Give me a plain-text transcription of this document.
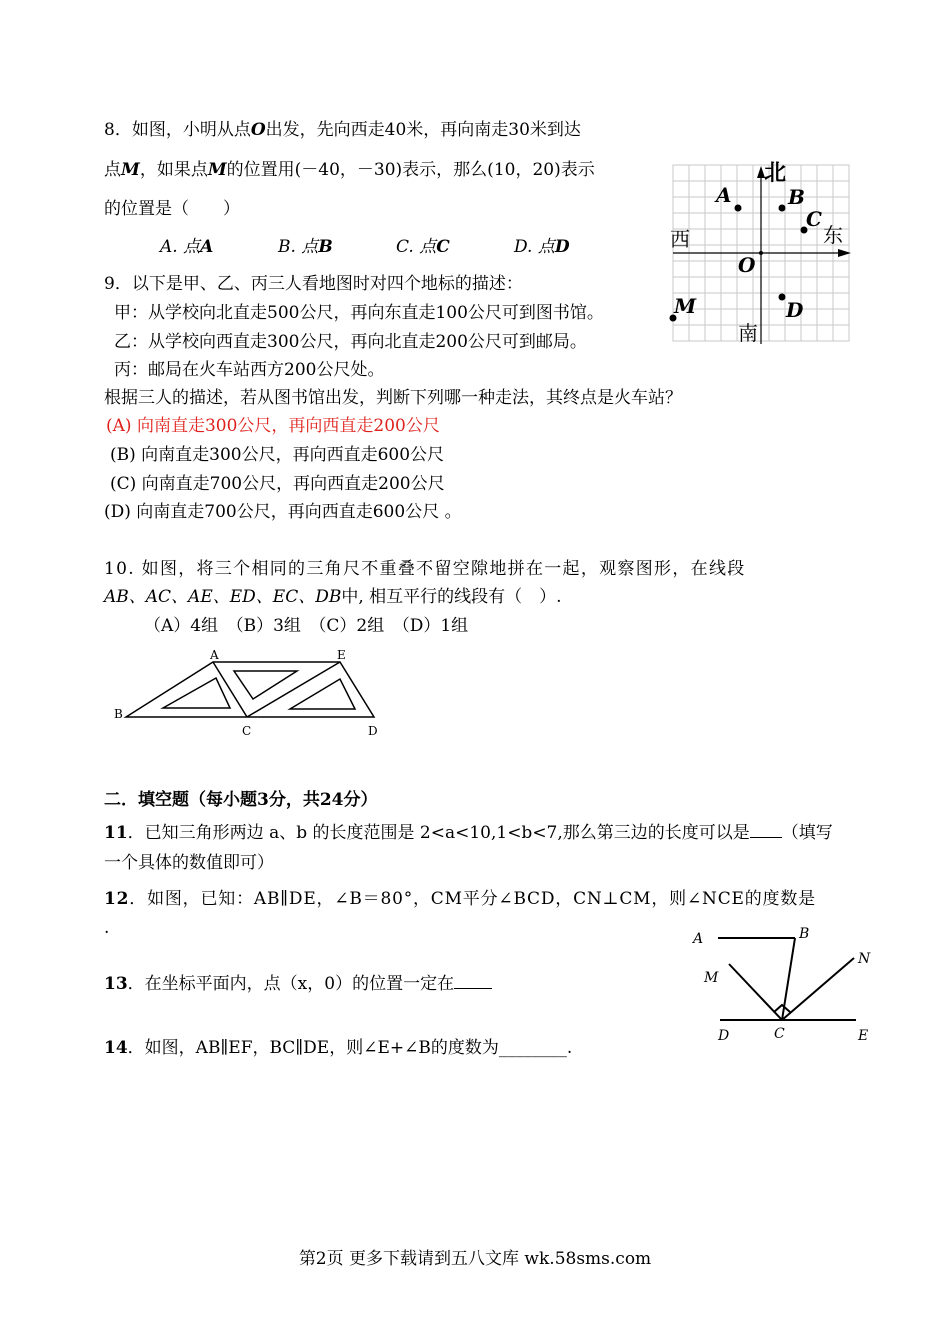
8．如图，小明从点O出发，先向西走40米，再向南走30米到达
点M，如果点M的位置用(－40，－30)表示，那么(10，20)表示
的位置是（　　）
A. 点A	B. 点B	C. 点C	D. 点D
北
西	东
南
A	B
C
O
M	D
9．以下是甲、乙、丙三人看地图时对四个地标的描述：
甲：从学校向北直走500公尺，再向东直走100公尺可到图书馆。
乙：从学校向西直走300公尺，再向北直走200公尺可到邮局。
丙：邮局在火车站西方200公尺处。
根据三人的描述，若从图书馆出发，判断下列哪一种走法，其终点是火车站？
(A) 向南直走300公尺，再向西直走200公尺
(B) 向南直走300公尺，再向西直走600公尺
(C) 向南直走700公尺，再向西直走200公尺
(D) 向南直走700公尺，再向西直走600公尺 。
10. 如图，将三个相同的三角尺不重叠不留空隙地拼在一起，观察图形，在线段
AB、AC、AE、ED、EC、DB中, 相互平行的线段有（　）.
（A）4组　（B）3组　（C）2组　（D）1组
A	E
B
C	D
二．填空题（每小题3分，共24分）
11．已知三角形两边 a、b 的长度范围是 2<a<10,1<b<7,那么第三边的长度可以是 （填写
一个具体的数值即可）
12．如图，已知：AB∥DE，∠B＝80°，CM平分∠BCD，CN⊥CM，则∠NCE的度数是
.
A	B
N
M
D	C	E
13．在坐标平面内，点（x，0）的位置一定在
14．如图，AB∥EF，BC∥DE，则∠E+∠B的度数为________.
第2页 更多下载请到五八文库 wk.58sms.com
